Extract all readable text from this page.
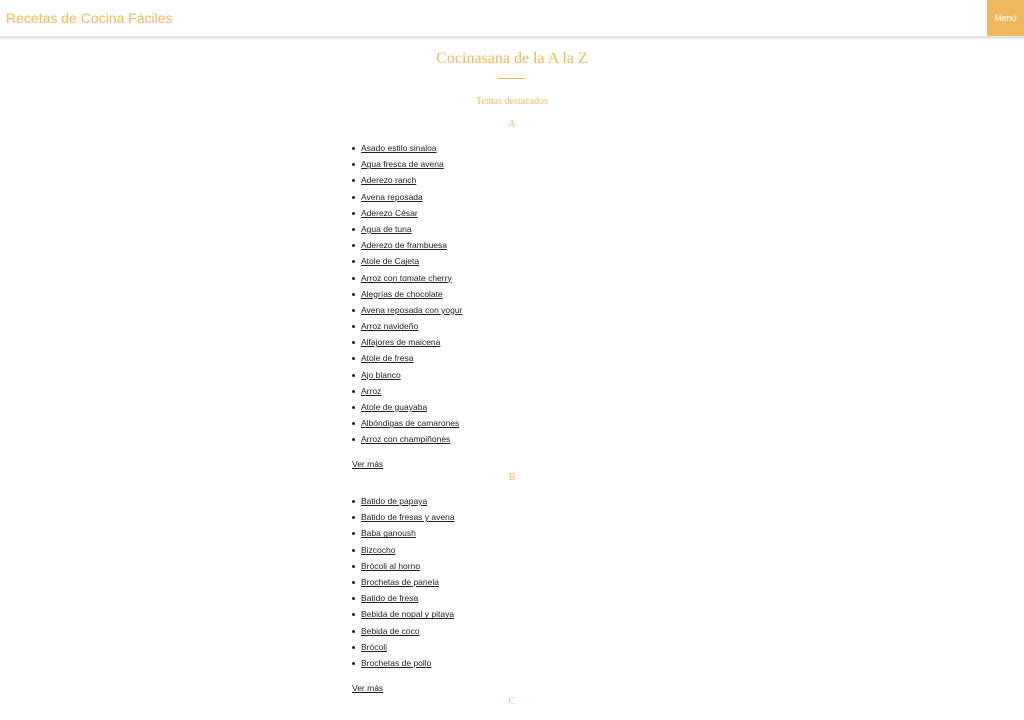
Recetas de Cocina Fáciles	Menú
Cocinasana de la A la Z
Temas destacados
A
Asado estilo sinaloa
Agua fresca de avena
Aderezo ranch
Avena reposada
Aderezo César
Agua de tuna
Aderezo de frambuesa
Atole de Cajeta
Arroz con tomate cherry
Alegrías de chocolate
Avena reposada con yogur
Arroz navideño
Alfajores de maicena
Atole de fresa
Ajo blanco
Arroz
Atole de guayaba
Albóndigas de camarones
Arroz con champiñones
Ver más
B
Batido de papaya
Batido de fresas y avena
Baba ganoush
Bizcocho
Brócoli al horno
Brochetas de panela
Batido de fresa
Bebida de nopal y pitaya
Bebida de coco
Brócoli
Brochetas de pollo
Ver más
C
